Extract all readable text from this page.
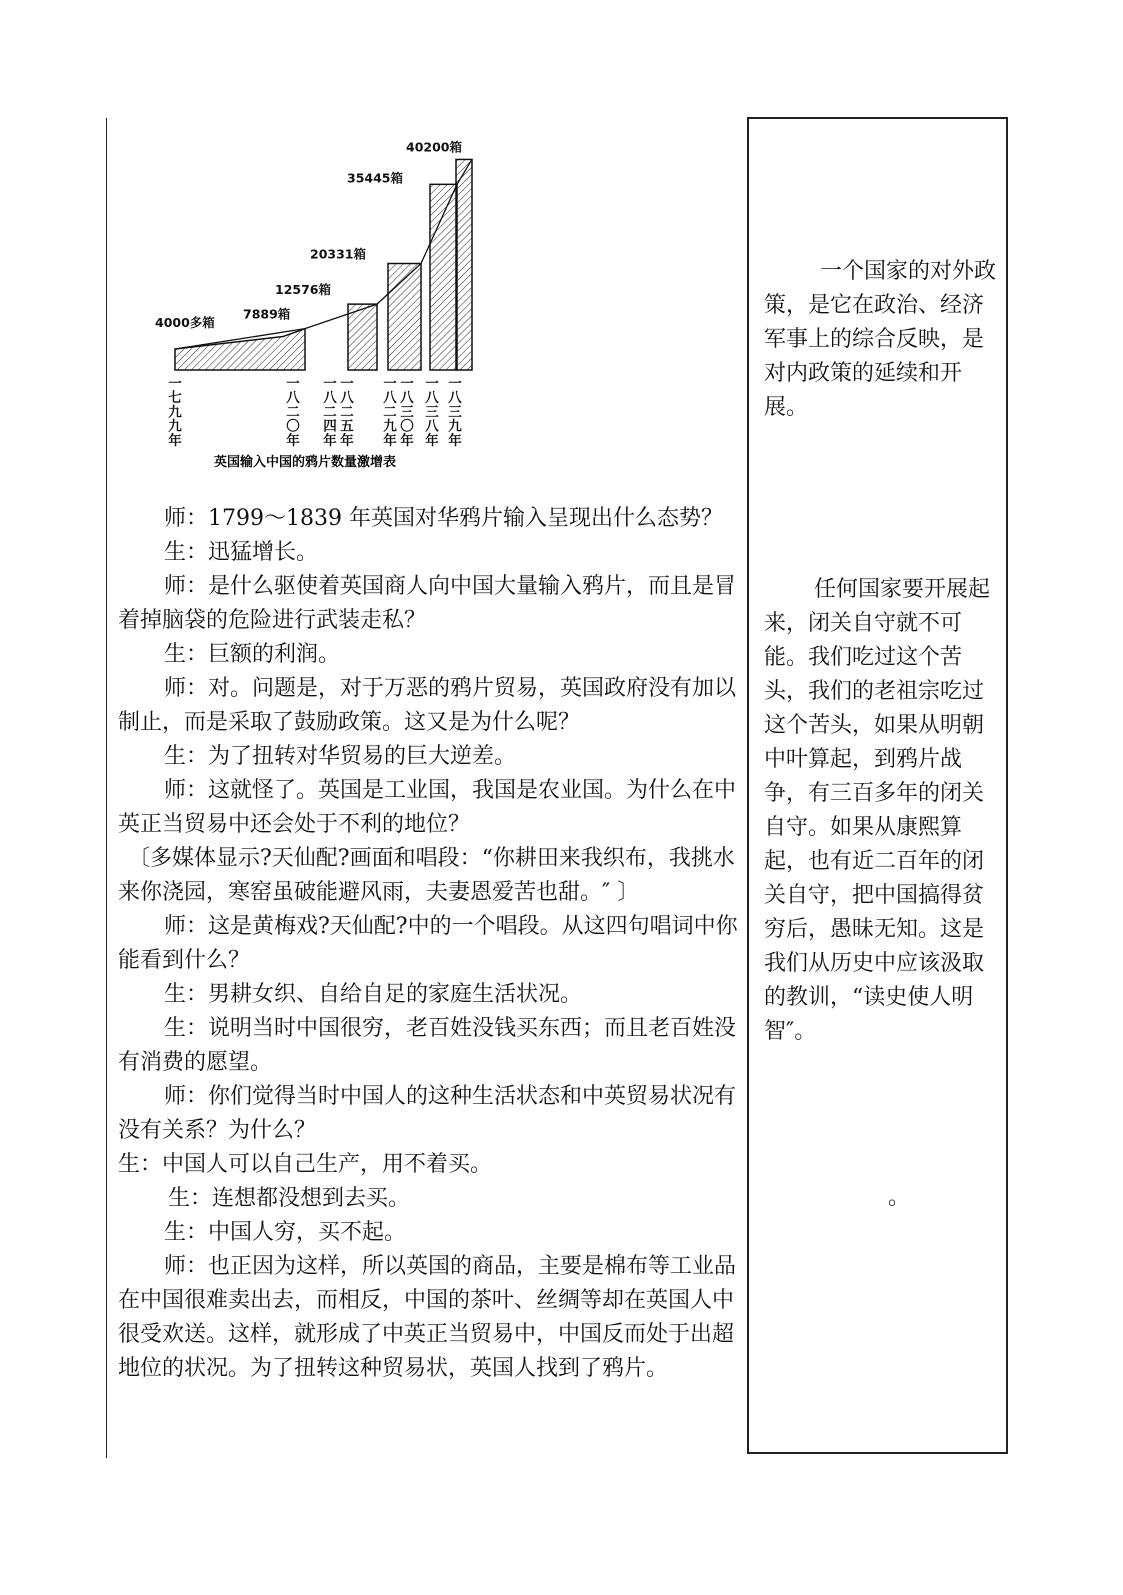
4000多箱
7889箱
12576箱
20331箱
35445箱
40200箱
一七九九年
一八二〇年
一八二四年
一八二五年
一八二九年
一八三〇年
一八三八年
一八三九年
英国输入中国的鸦片数量激增表

师：1799～1839 年英国对华鸦片输入呈现出什么态势？

生：迅猛增长。

师：是什么驱使着英国商人向中国大量输入鸦片，而且是冒着掉脑袋的危险进行武装走私？

生：巨额的利润。

师：对。问题是，对于万恶的鸦片贸易，英国政府没有加以制止，而是采取了鼓励政策。这又是为什么呢？

生：为了扭转对华贸易的巨大逆差。

师：这就怪了。英国是工业国，我国是农业国。为什么在中英正当贸易中还会处于不利的地位？

〔多媒体显示?天仙配?画面和唱段：“你耕田来我织布，我挑水来你浇园，寒窑虽破能避风雨，夫妻恩爱苦也甜。″ 〕

师：这是黄梅戏?天仙配?中的一个唱段。从这四句唱词中你能看到什么？

生：男耕女织、自给自足的家庭生活状况。

生：说明当时中国很穷，老百姓没钱买东西；而且老百姓没有消费的愿望。

师：你们觉得当时中国人的这种生活状态和中英贸易状况有没有关系？为什么？

生：中国人可以自己生产，用不着买。

生：连想都没想到去买。

生：中国人穷，买不起。

师：也正因为这样，所以英国的商品，主要是棉布等工业品在中国很难卖出去，而相反，中国的茶叶、丝绸等却在英国人中很受欢送。这样，就形成了中英正当贸易中，中国反而处于出超地位的状况。为了扭转这种贸易状，英国人找到了鸦片。

一个国家的对外政策，是它在政治、经济军事上的综合反映，是对内政策的延续和开展。
任何国家要开展起来，闭关自守就不可能。我们吃过这个苦头，我们的老祖宗吃过这个苦头，如果从明朝中叶算起，到鸦片战争，有三百多年的闭关自守。如果从康熙算起，也有近二百年的闭关自守，把中国搞得贫穷后，愚昧无知。这是我们从历史中应该汲取的教训，“读史使人明智″。
。
